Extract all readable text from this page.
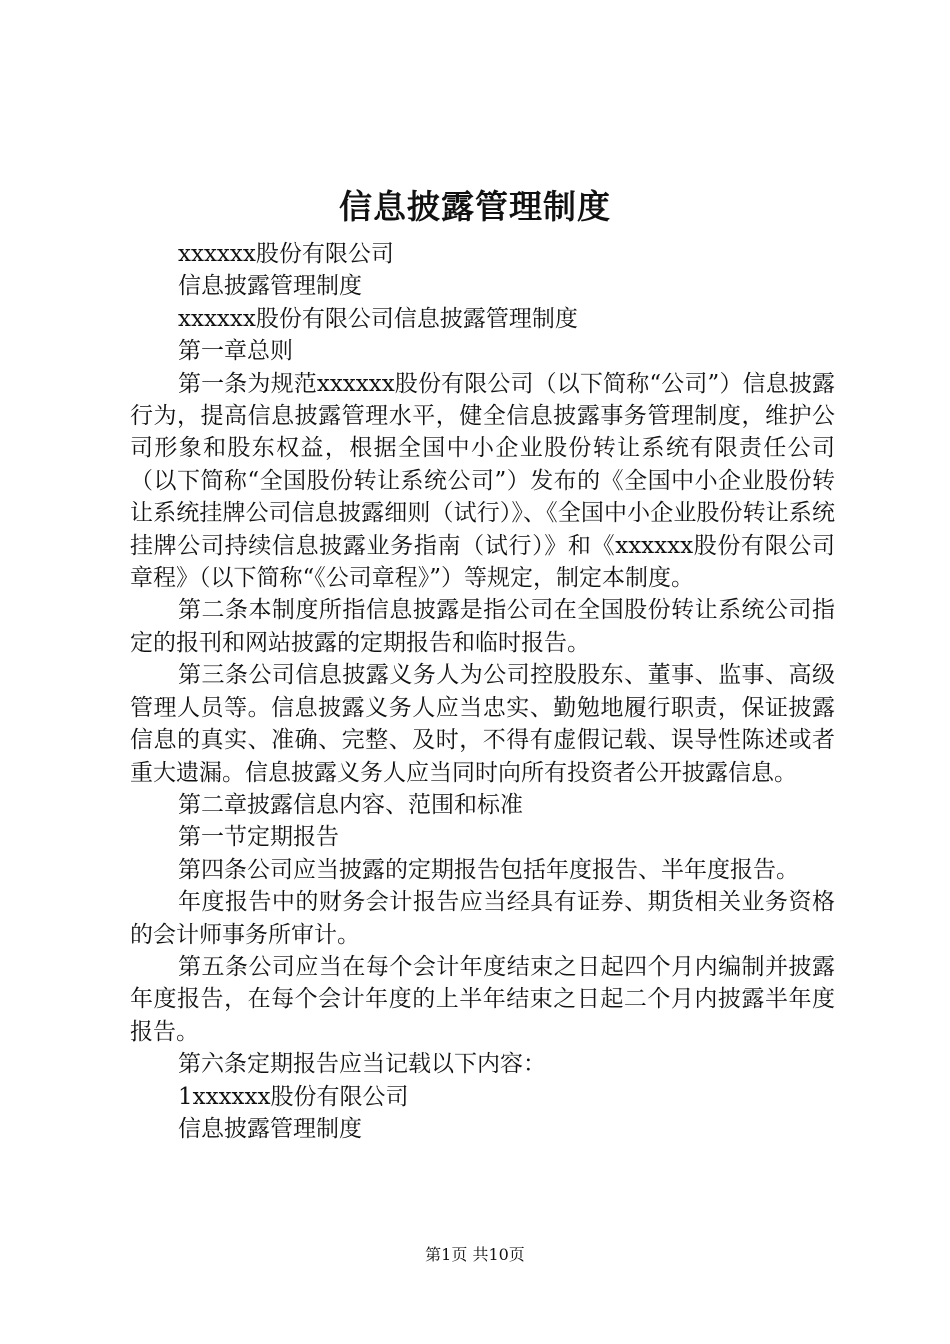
信息披露管理制度

xxxxxx股份有限公司

信息披露管理制度

xxxxxx股份有限公司信息披露管理制度

第一章总则

第一条为规范xxxxxx股份有限公司（以下简称“公司”）信息披露行为，提高信息披露管理水平，健全信息披露事务管理制度，维护公司形象和股东权益，根据全国中小企业股份转让系统有限责任公司（以下简称“全国股份转让系统公司”）发布的《全国中小企业股份转让系统挂牌公司信息披露细则（试行）》、《全国中小企业股份转让系统挂牌公司持续信息披露业务指南（试行）》和《xxxxxx股份有限公司章程》（以下简称“《公司章程》”）等规定，制定本制度。

第二条本制度所指信息披露是指公司在全国股份转让系统公司指定的报刊和网站披露的定期报告和临时报告。

第三条公司信息披露义务人为公司控股股东、董事、监事、高级管理人员等。信息披露义务人应当忠实、勤勉地履行职责，保证披露信息的真实、准确、完整、及时，不得有虚假记载、误导性陈述或者重大遗漏。信息披露义务人应当同时向所有投资者公开披露信息。

第二章披露信息内容、范围和标准

第一节定期报告

第四条公司应当披露的定期报告包括年度报告、半年度报告。

年度报告中的财务会计报告应当经具有证券、期货相关业务资格的会计师事务所审计。

第五条公司应当在每个会计年度结束之日起四个月内编制并披露年度报告，在每个会计年度的上半年结束之日起二个月内披露半年度报告。

第六条定期报告应当记载以下内容：

1xxxxxx股份有限公司

信息披露管理制度

第1页 共10页
